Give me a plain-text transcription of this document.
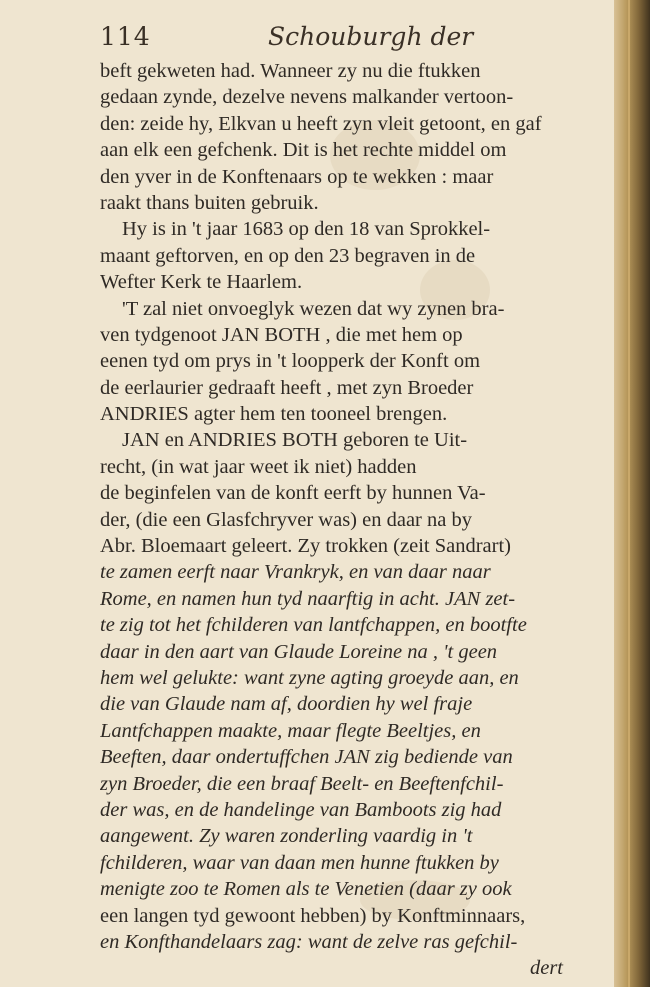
114	Schouburgh der
beft gekweten had. Wanneer zy nu die ftukken
gedaan zynde, dezelve nevens malkander vertoon-
den: zeide hy, Elkvan u heeft zyn vleit getoont, en gaf
aan elk een gefchenk. Dit is het rechte middel om
den yver in de Konftenaars op te wekken : maar
raakt thans buiten gebruik.
Hy is in 't jaar 1683 op den 18 van Sprokkel-
maant geftorven, en op den 23 begraven in de
Wefter Kerk te Haarlem.
'T zal niet onvoeglyk wezen dat wy zynen bra-
ven tydgenoot JAN BOTH , die met hem op
eenen tyd om prys in 't loopperk der Konft om
de eerlaurier gedraaft heeft , met zyn Broeder
ANDRIES agter hem ten tooneel brengen.
JAN en ANDRIES BOTH geboren te Uit-
recht, (in wat jaar weet ik niet) hadden
de beginfelen van de konft eerft by hunnen Va-
der, (die een Glasfchryver was) en daar na by
Abr. Bloemaart geleert. Zy trokken (zeit Sandrart)
te zamen eerft naar Vrankryk, en van daar naar
Rome, en namen hun tyd naarftig in acht. JAN zet-
te zig tot het fchilderen van lantfchappen, en bootfte
daar in den aart van Glaude Loreine na , 't geen
hem wel gelukte: want zyne agting groeyde aan, en
die van Glaude nam af, doordien hy wel fraje
Lantfchappen maakte, maar flegte Beeltjes, en
Beeften, daar ondertuffchen JAN zig bediende van
zyn Broeder, die een braaf Beelt- en Beeftenfchil-
der was, en de handelinge van Bamboots zig had
aangewent. Zy waren zonderling vaardig in 't
fchilderen, waar van daan men hunne ftukken by
menigte zoo te Romen als te Venetien (daar zy ook
een langen tyd gewoont hebben) by Konftminnaars,
en Konfthandelaars zag: want de zelve ras gefchil-
dert
